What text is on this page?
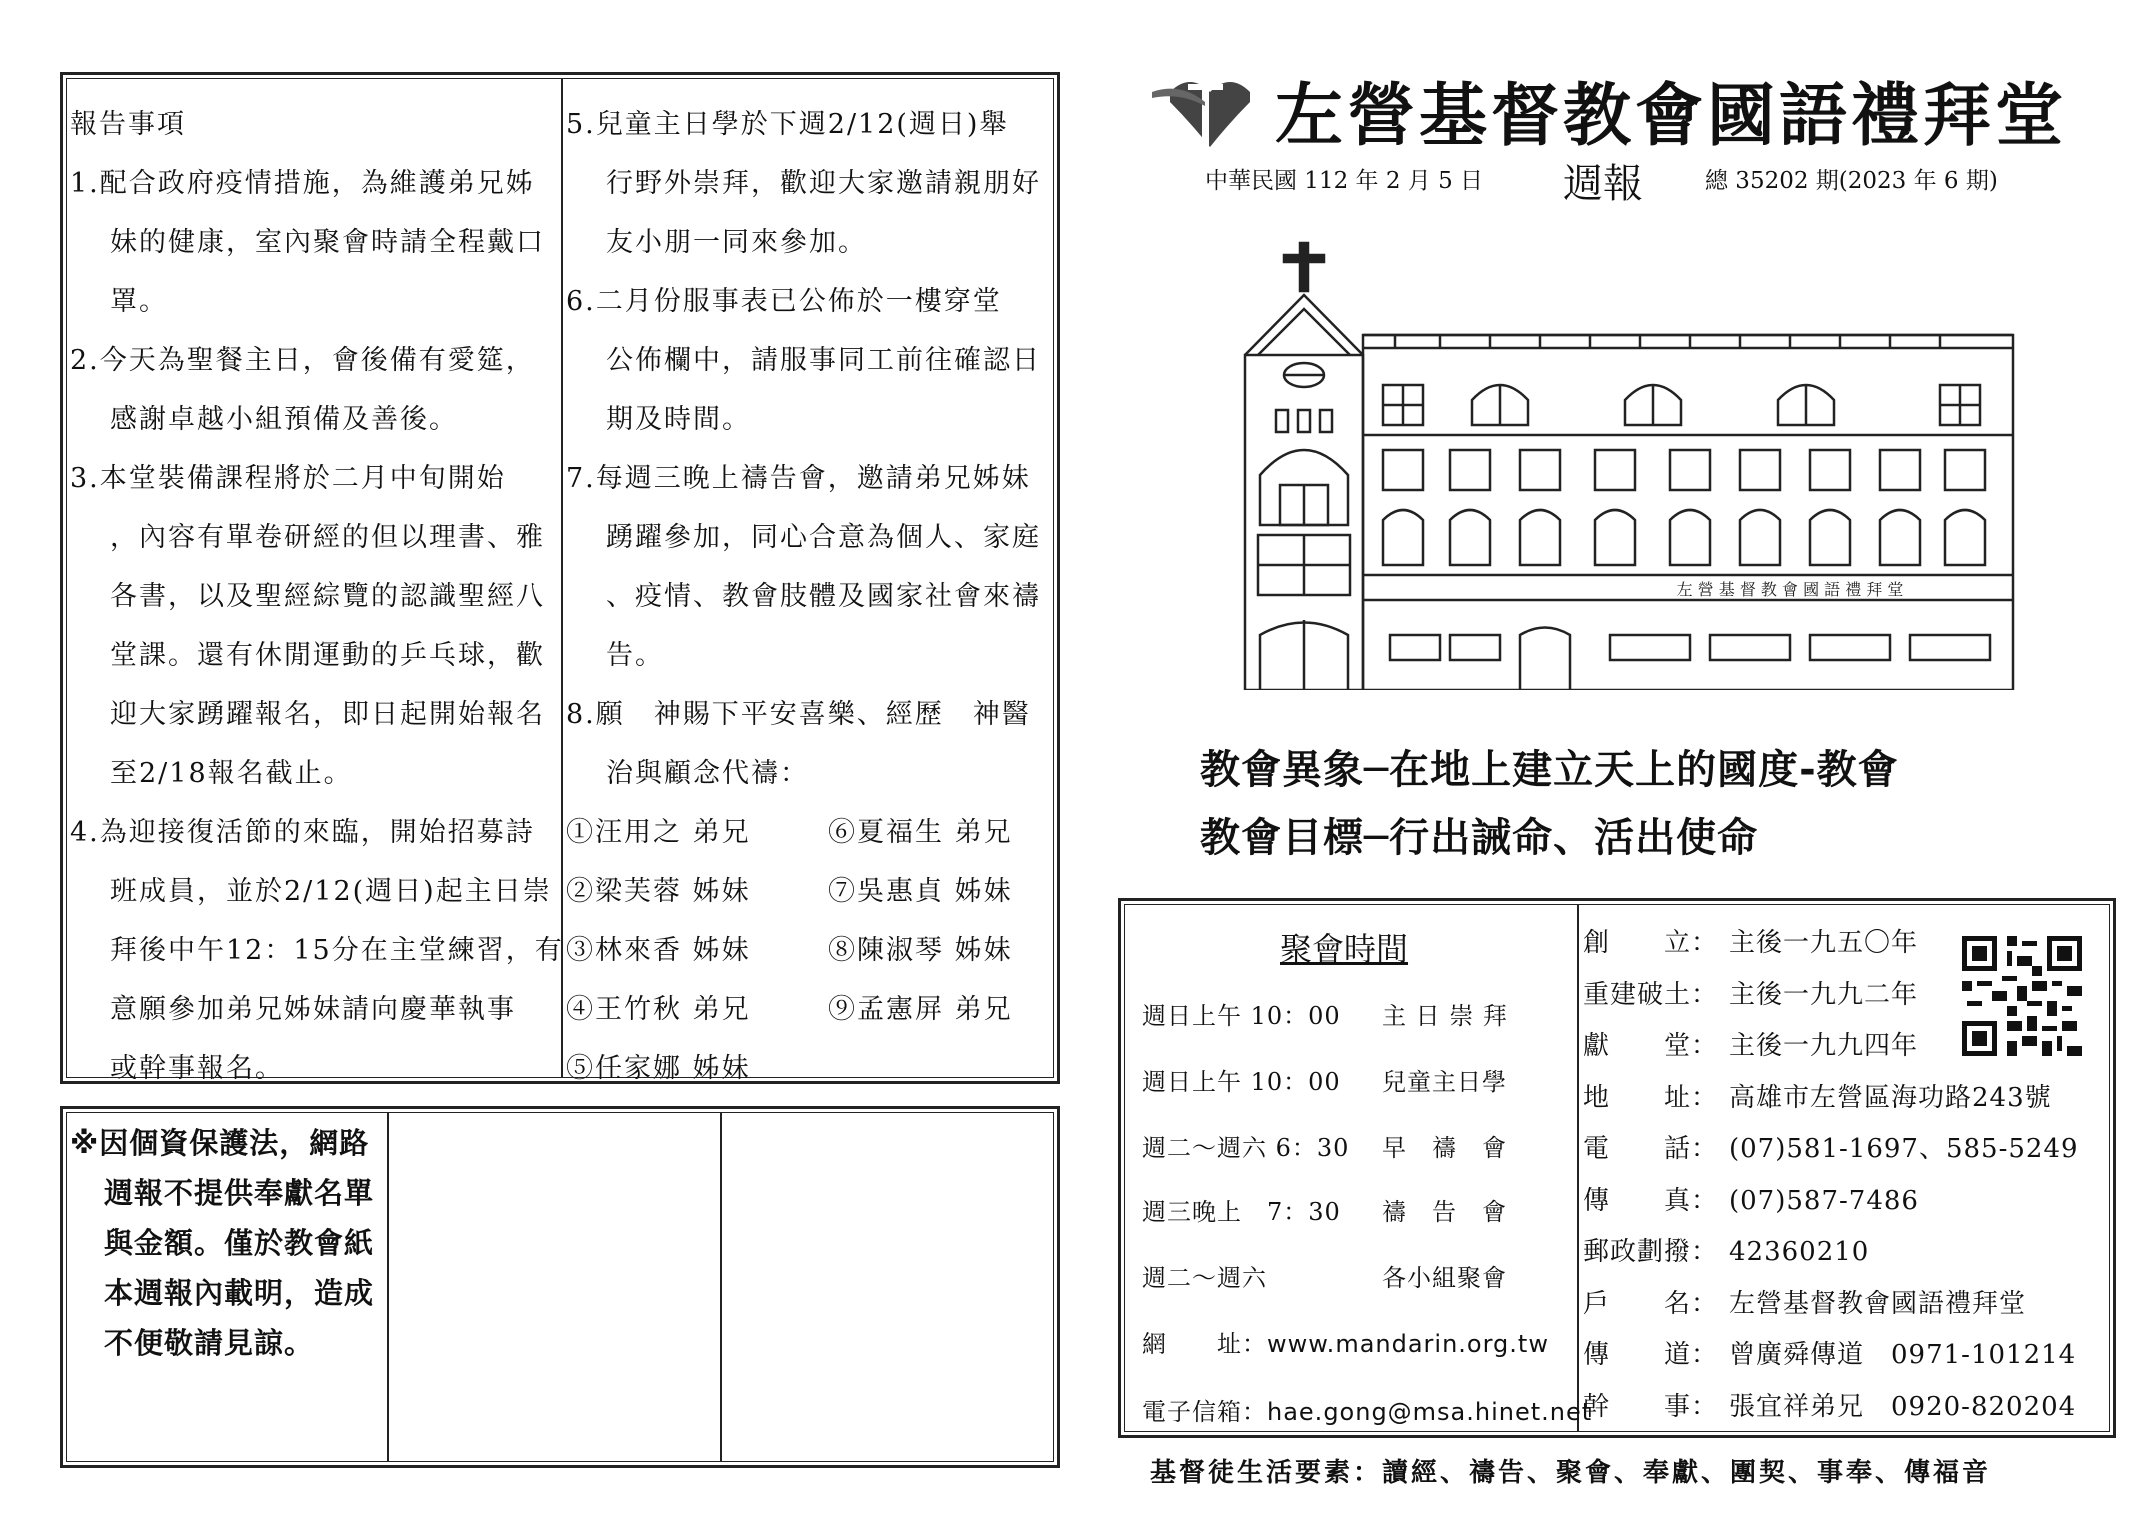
報告事項
1.配合政府疫情措施，為維護弟兄姊
妹的健康，室內聚會時請全程戴口
罩。
2.今天為聖餐主日，會後備有愛筵，
感謝卓越小組預備及善後。
3.本堂裝備課程將於二月中旬開始
，內容有單卷研經的但以理書、雅
各書，以及聖經綜覽的認識聖經八
堂課。還有休閒運動的乒乓球，歡
迎大家踴躍報名，即日起開始報名
至2/18報名截止。
4.為迎接復活節的來臨，開始招募詩
班成員，並於2/12(週日)起主日崇
拜後中午12：15分在主堂練習，有
意願參加弟兄姊妹請向慶華執事
或幹事報名。
5.兒童主日學於下週2/12(週日)舉
行野外崇拜，歡迎大家邀請親朋好
友小朋一同來參加。
6.二月份服事表已公佈於一樓穿堂
公佈欄中，請服事同工前往確認日
期及時間。
7.每週三晚上禱告會，邀請弟兄姊妹
踴躍參加，同心合意為個人、家庭
、疫情、教會肢體及國家社會來禱
告。
8.願　神賜下平安喜樂、經歷　神醫
治與顧念代禱：
①汪用之 弟兄	⑥夏福生 弟兄
②梁芙蓉 姊妹	⑦吳惠貞 姊妹
③林來香 姊妹	⑧陳淑琴 姊妹
④王竹秋 弟兄	⑨孟憲屏 弟兄
⑤任家娜 姊妹
※因個資保護法，網路
週報不提供奉獻名單
與金額。僅於教會紙
本週報內載明，造成
不便敬請見諒。
左營基督教會國語禮拜堂
中華民國 112 年 2 月 5 日 週報	總 35202 期(2023 年 6 期)
左 營 基 督 教 會 國 語 禮 拜 堂
教會異象─在地上建立天上的國度-教會
教會目標─行出誡命、活出使命
聚會時間
週日上午 10：00 主 日 崇 拜
週日上午 10：00 兒童主日學
週二～週六 6：30 早　禱　會
週三晚上　7：30 禱　告　會
週二～週六	各小組聚會
網　　址：www.mandarin.org.tw
電子信箱：hae.gong@msa.hinet.net
創　　立： 主後一九五〇年
重建破土： 主後一九九二年
獻　　堂： 主後一九九四年
地　　址： 高雄市左營區海功路243號
電　　話： (07)581-1697、585-5249
傳　　真： (07)587-7486
郵政劃撥： 42360210
戶　　名： 左營基督教會國語禮拜堂
傳　　道： 曾廣舜傳道　0971-101214
幹　　事： 張宜祥弟兄　0920-820204
基督徒生活要素：讀經、禱告、聚會、奉獻、團契、事奉、傳福音
